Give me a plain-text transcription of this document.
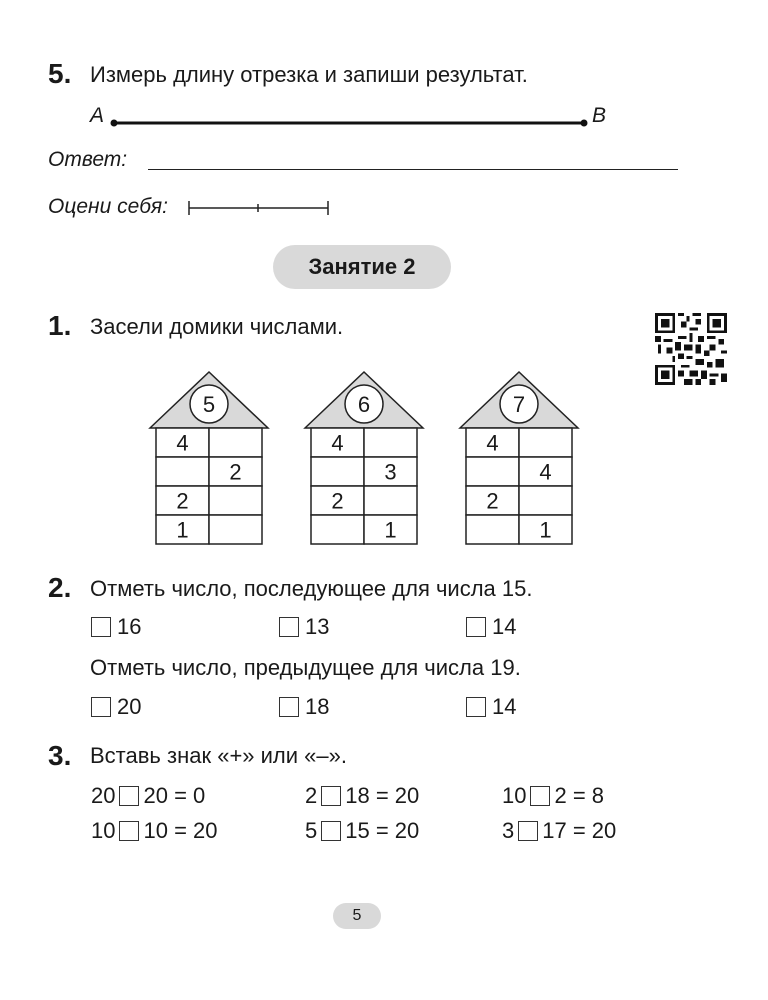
5. Измерь длину отрезка и запиши результат.
A	B
Ответ:
Оцени себя:
Занятие 2
1. Засели домики числами.
5
4
2
2
1
6
4
3
2
1
7
4
4
2
1
2. Отметь число, последующее для числа 15.
16	13	14
Отметь число, предыдущее для числа 19.
20	18	14
3. Вставь знак «+» или «–».
20 20 = 0	2 18 = 20	10 2 = 8
10 10 = 20	5 15 = 20	3 17 = 20
5
